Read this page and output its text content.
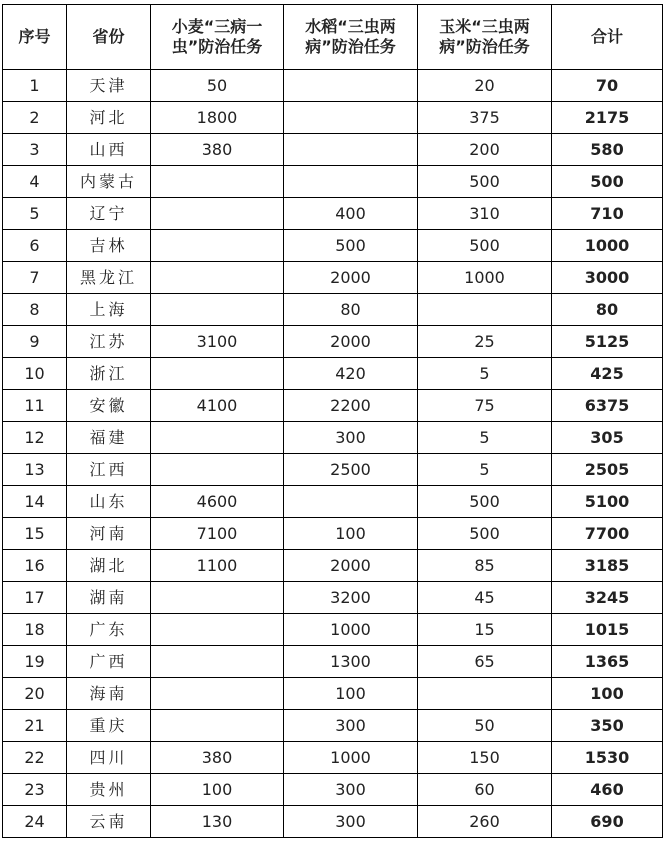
序号	省份	小麦“三病一虫”防治任务	水稻“三虫两病”防治任务	玉米“三虫两病”防治任务	合计
1	天津	50		20	70
2	河北	1800		375	2175
3	山西	380		200	580
4	内蒙古			500	500
5	辽宁		400	310	710
6	吉林		500	500	1000
7	黑龙江		2000	1000	3000
8	上海		80		80
9	江苏	3100	2000	25	5125
10	浙江		420	5	425
11	安徽	4100	2200	75	6375
12	福建		300	5	305
13	江西		2500	5	2505
14	山东	4600		500	5100
15	河南	7100	100	500	7700
16	湖北	1100	2000	85	3185
17	湖南		3200	45	3245
18	广东		1000	15	1015
19	广西		1300	65	1365
20	海南		100		100
21	重庆		300	50	350
22	四川	380	1000	150	1530
23	贵州	100	300	60	460
24	云南	130	300	260	690
